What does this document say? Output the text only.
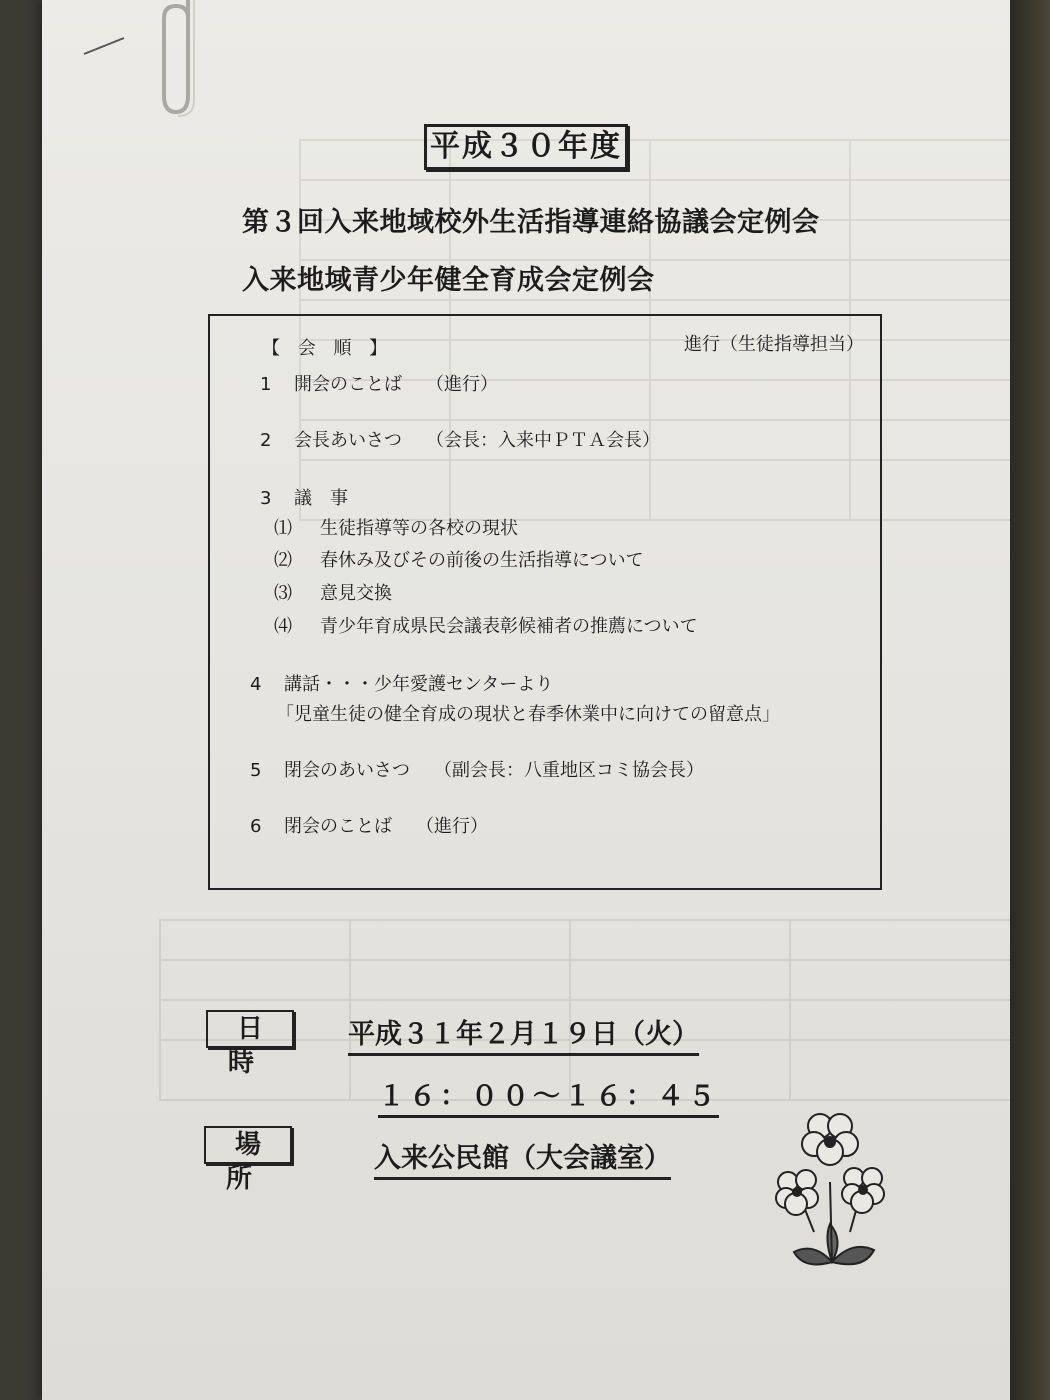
平成３０年度
第３回入来地域校外生活指導連絡協議会定例会
入来地域青少年健全育成会定例会
【 会 順 】	進行（生徒指導担当）
1 開会のことば （進行）
2 会長あいさつ （会長：入来中ＰＴＡ会長）
3 議　事
⑴ 生徒指導等の各校の現状
⑵ 春休み及びその前後の生活指導について
⑶ 意見交換
⑷ 青少年育成県民会議表彰候補者の推薦について
4 講話・・・少年愛護センターより
「児童生徒の健全育成の現状と春季休業中に向けての留意点」
5 閉会のあいさつ （副会長：八重地区コミ協会長）
6 閉会のことば （進行）
日時
平成３１年２月１９日（火）
１６：００～１６：４５
場所
入来公民館（大会議室）
